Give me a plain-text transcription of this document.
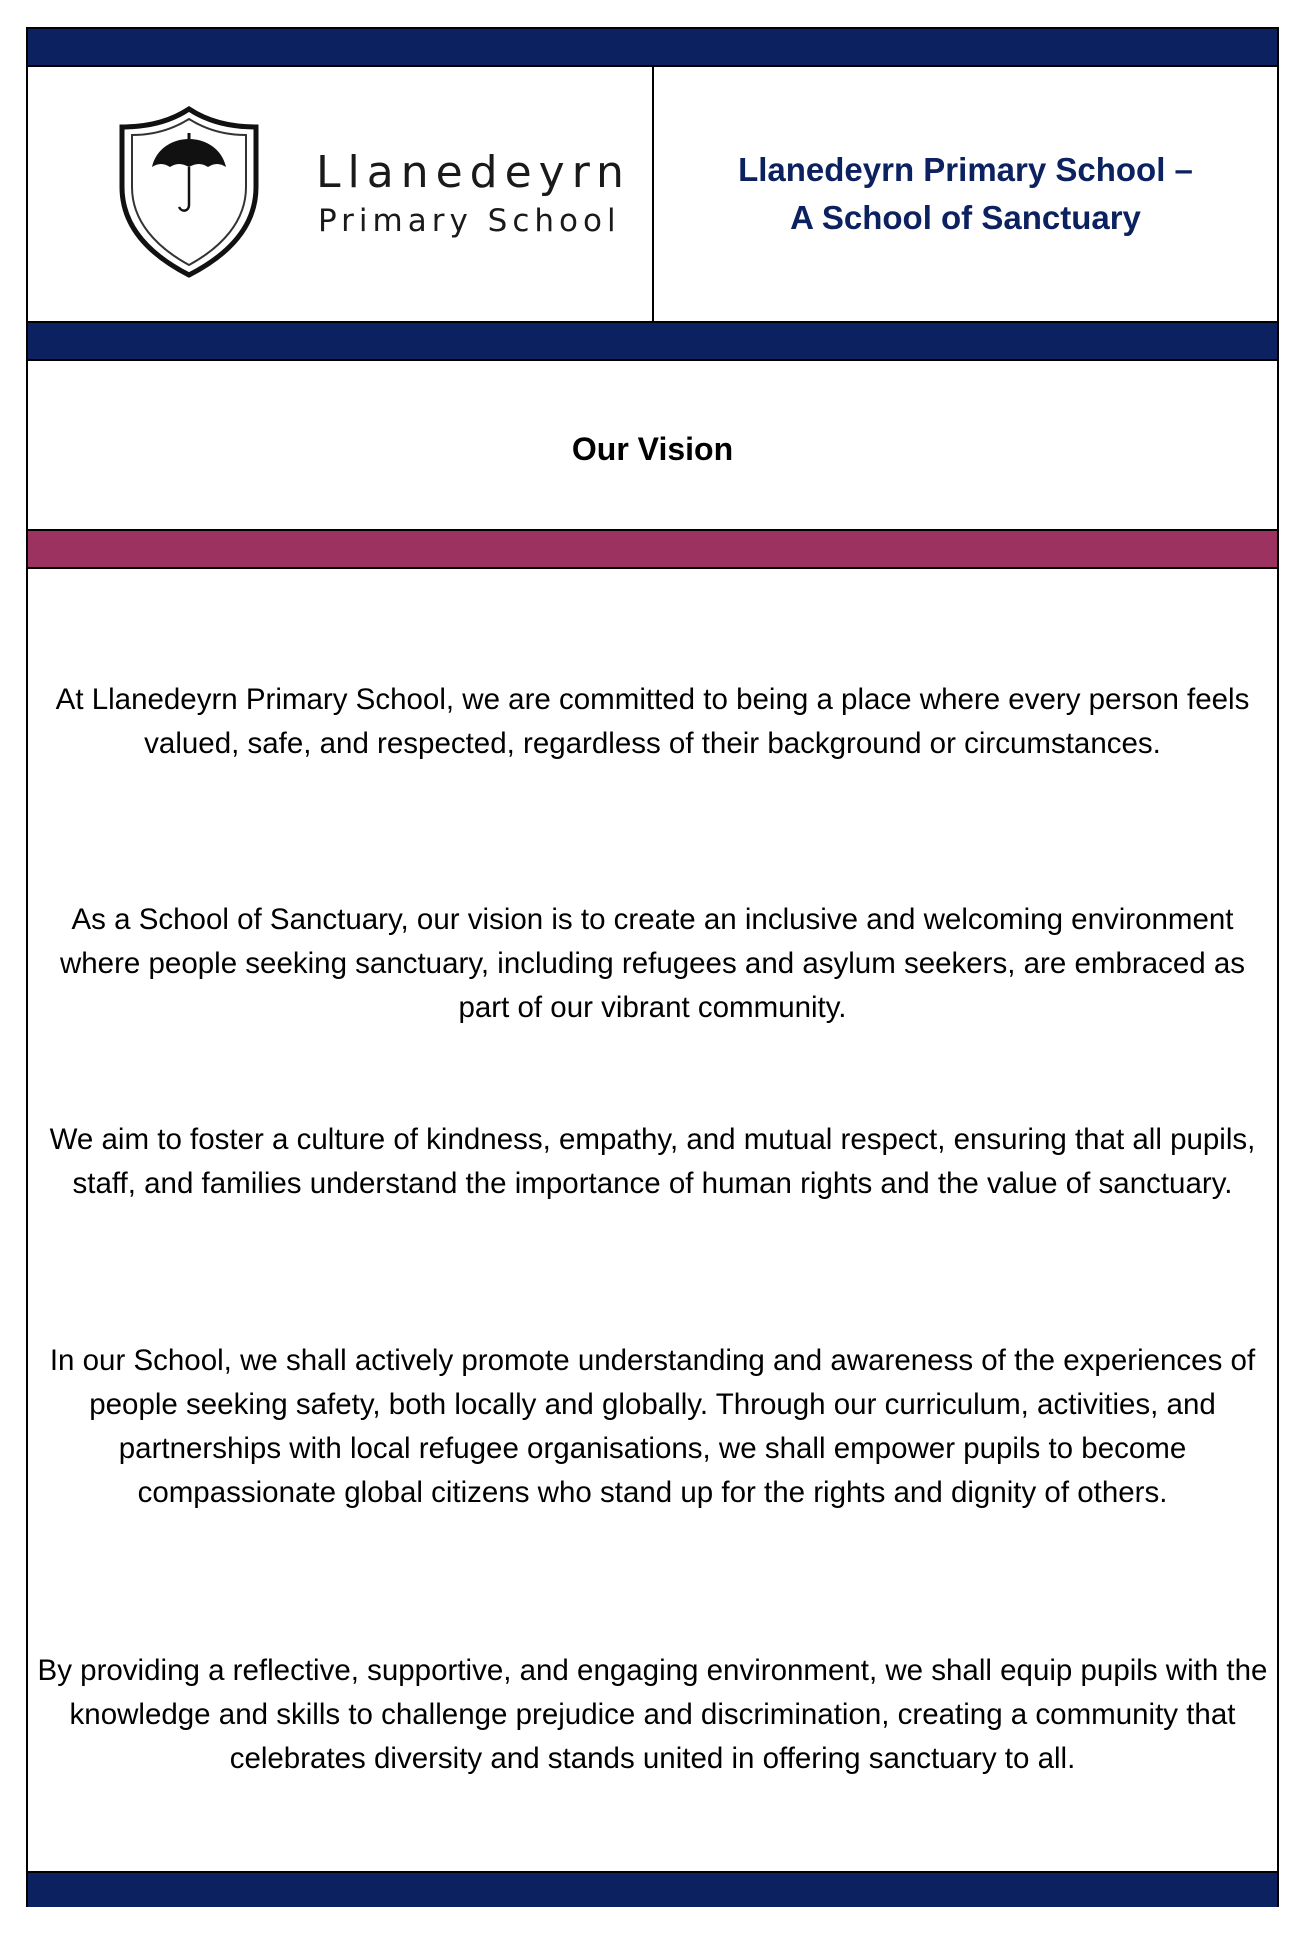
Llanedeyrn
Primary School
Llanedeyrn Primary School –
A School of Sanctuary
Our Vision
At Llanedeyrn Primary School, we are committed to being a place where every person feels valued, safe, and respected, regardless of their background or circumstances.
As a School of Sanctuary, our vision is to create an inclusive and welcoming environment where people seeking sanctuary, including refugees and asylum seekers, are embraced as part of our vibrant community.
We aim to foster a culture of kindness, empathy, and mutual respect, ensuring that all pupils, staff, and families understand the importance of human rights and the value of sanctuary.
In our School, we shall actively promote understanding and awareness of the experiences of people seeking safety, both locally and globally. Through our curriculum, activities, and partnerships with local refugee organisations, we shall empower pupils to become compassionate global citizens who stand up for the rights and dignity of others.
By providing a reflective, supportive, and engaging environment, we shall equip pupils with the knowledge and skills to challenge prejudice and discrimination, creating a community that celebrates diversity and stands united in offering sanctuary to all.
